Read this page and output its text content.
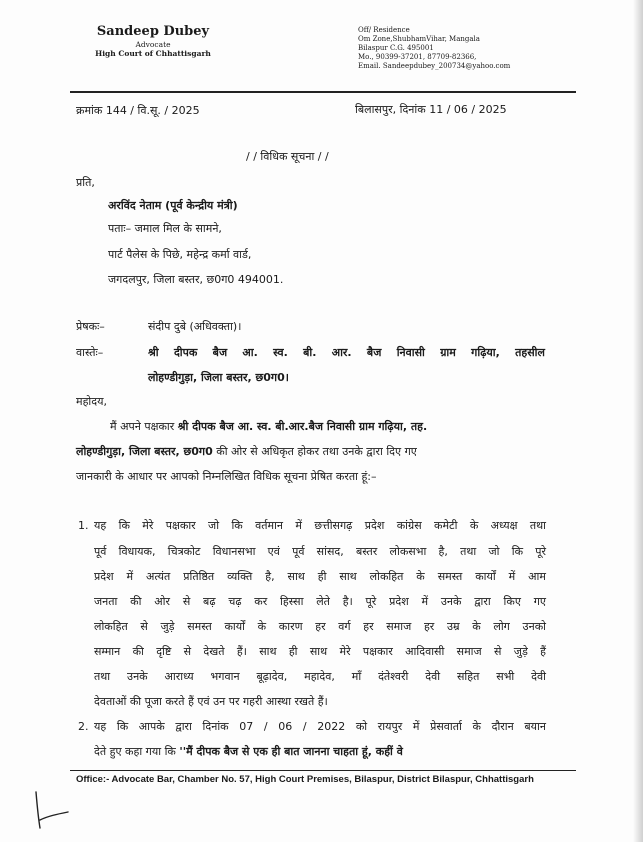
Sandeep Dubey
Advocate
High Court of Chhattisgarh
Off/ Residence
Om Zone,ShubhamVihar, Mangala
Bilaspur C.G. 495001
Mo., 90399-37201, 87709-82366,
Email. Sandeepdubey_200734@yahoo.com
क्रमांक 144 / वि.सू. / 2025	बिलासपुर, दिनांक 11 / 06 / 2025
/ / विधिक सूचना / /
प्रति,
अरविंद नेताम (पूर्व केन्द्रीय मंत्री)
पताः– जमाल मिल के सामने,
पार्ट पैलेस के पिछे, महेन्द्र कर्मा वार्ड,
जगदलपुर, जिला बस्तर, छ0ग0 494001.
प्रेषकः–	संदीप दुबे (अधिवक्ता)।
वास्तेः–	श्री दीपक बैज आ. स्व. बी. आर. बैज निवासी ग्राम गढ़िया, तहसील
लोहण्डीगुड़ा, जिला बस्तर, छ0ग0।
महोदय,
मैं अपने पक्षकार श्री दीपक बैज आ. स्व. बी.आर.बैज निवासी ग्राम गढ़िया, तह.
लोहण्डीगुड़ा, जिला बस्तर, छ0ग0 की ओर से अधिकृत होकर तथा उनके द्वारा दिए गए
जानकारी के आधार पर आपको निम्नलिखित विधिक सूचना प्रेषित करता हूं:–
1. यह कि मेरे पक्षकार जो कि वर्तमान में छत्तीसगढ़ प्रदेश कांग्रेस कमेटी के अध्यक्ष तथा
पूर्व विधायक, चित्रकोट विधानसभा एवं पूर्व सांसद, बस्तर लोकसभा है, तथा जो कि पूरे
प्रदेश में अत्यंत प्रतिष्ठित व्यक्ति है, साथ ही साथ लोकहित के समस्त कार्यों में आम
जनता की ओर से बढ़ चढ़ कर हिस्सा लेते है। पूरे प्रदेश में उनके द्वारा किए गए
लोकहित से जुड़े समस्त कार्यों के कारण हर वर्ग हर समाज हर उम्र के लोग उनको
सम्मान की दृष्टि से देखते हैं। साथ ही साथ मेरे पक्षकार आदिवासी समाज से जुड़े हैं
तथा उनके आराध्य भगवान बूढ़ादेव, महादेव, माँ दंतेश्वरी देवी सहित सभी देवी
देवताओं की पूजा करते हैं एवं उन पर गहरी आस्था रखते हैं।
2. यह कि आपके द्वारा दिनांक 07 / 06 / 2022 को रायपुर में प्रेसवार्ता के दौरान बयान
देते हुए कहा गया कि ''मैं दीपक बैज से एक ही बात जानना चाहता हूं, कहीं वे
Office:- Advocate Bar, Chamber No. 57, High Court Premises, Bilaspur, District Bilaspur, Chhattisgarh
